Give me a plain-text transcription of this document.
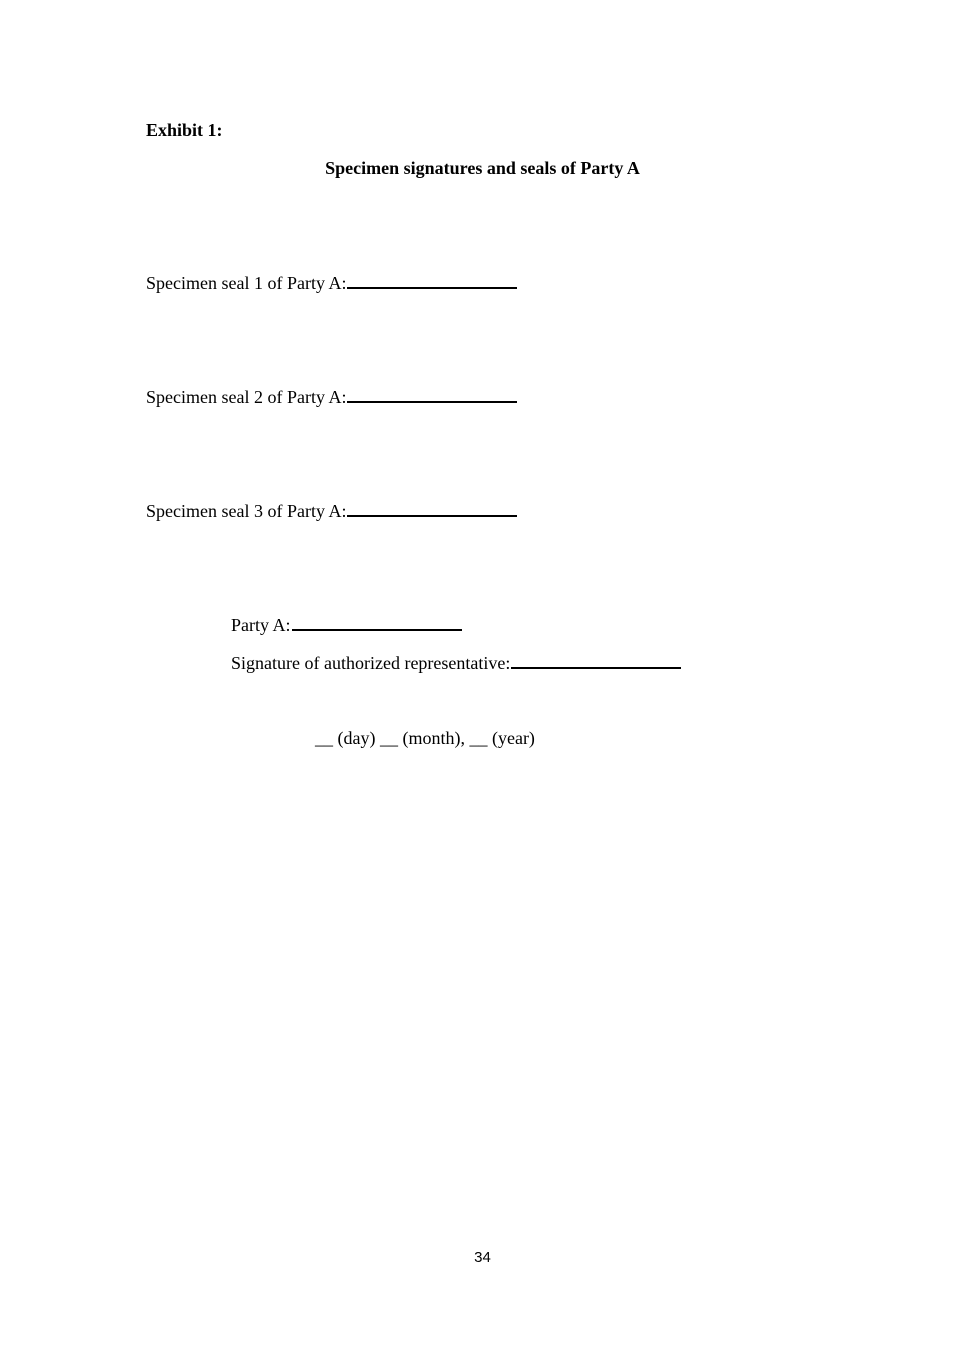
Exhibit 1:
Specimen signatures and seals of Party A
Specimen seal 1 of Party A:
Specimen seal 2 of Party A:
Specimen seal 3 of Party A:
Party A:
Signature of authorized representative:
__ (day) __ (month), __ (year)
34
